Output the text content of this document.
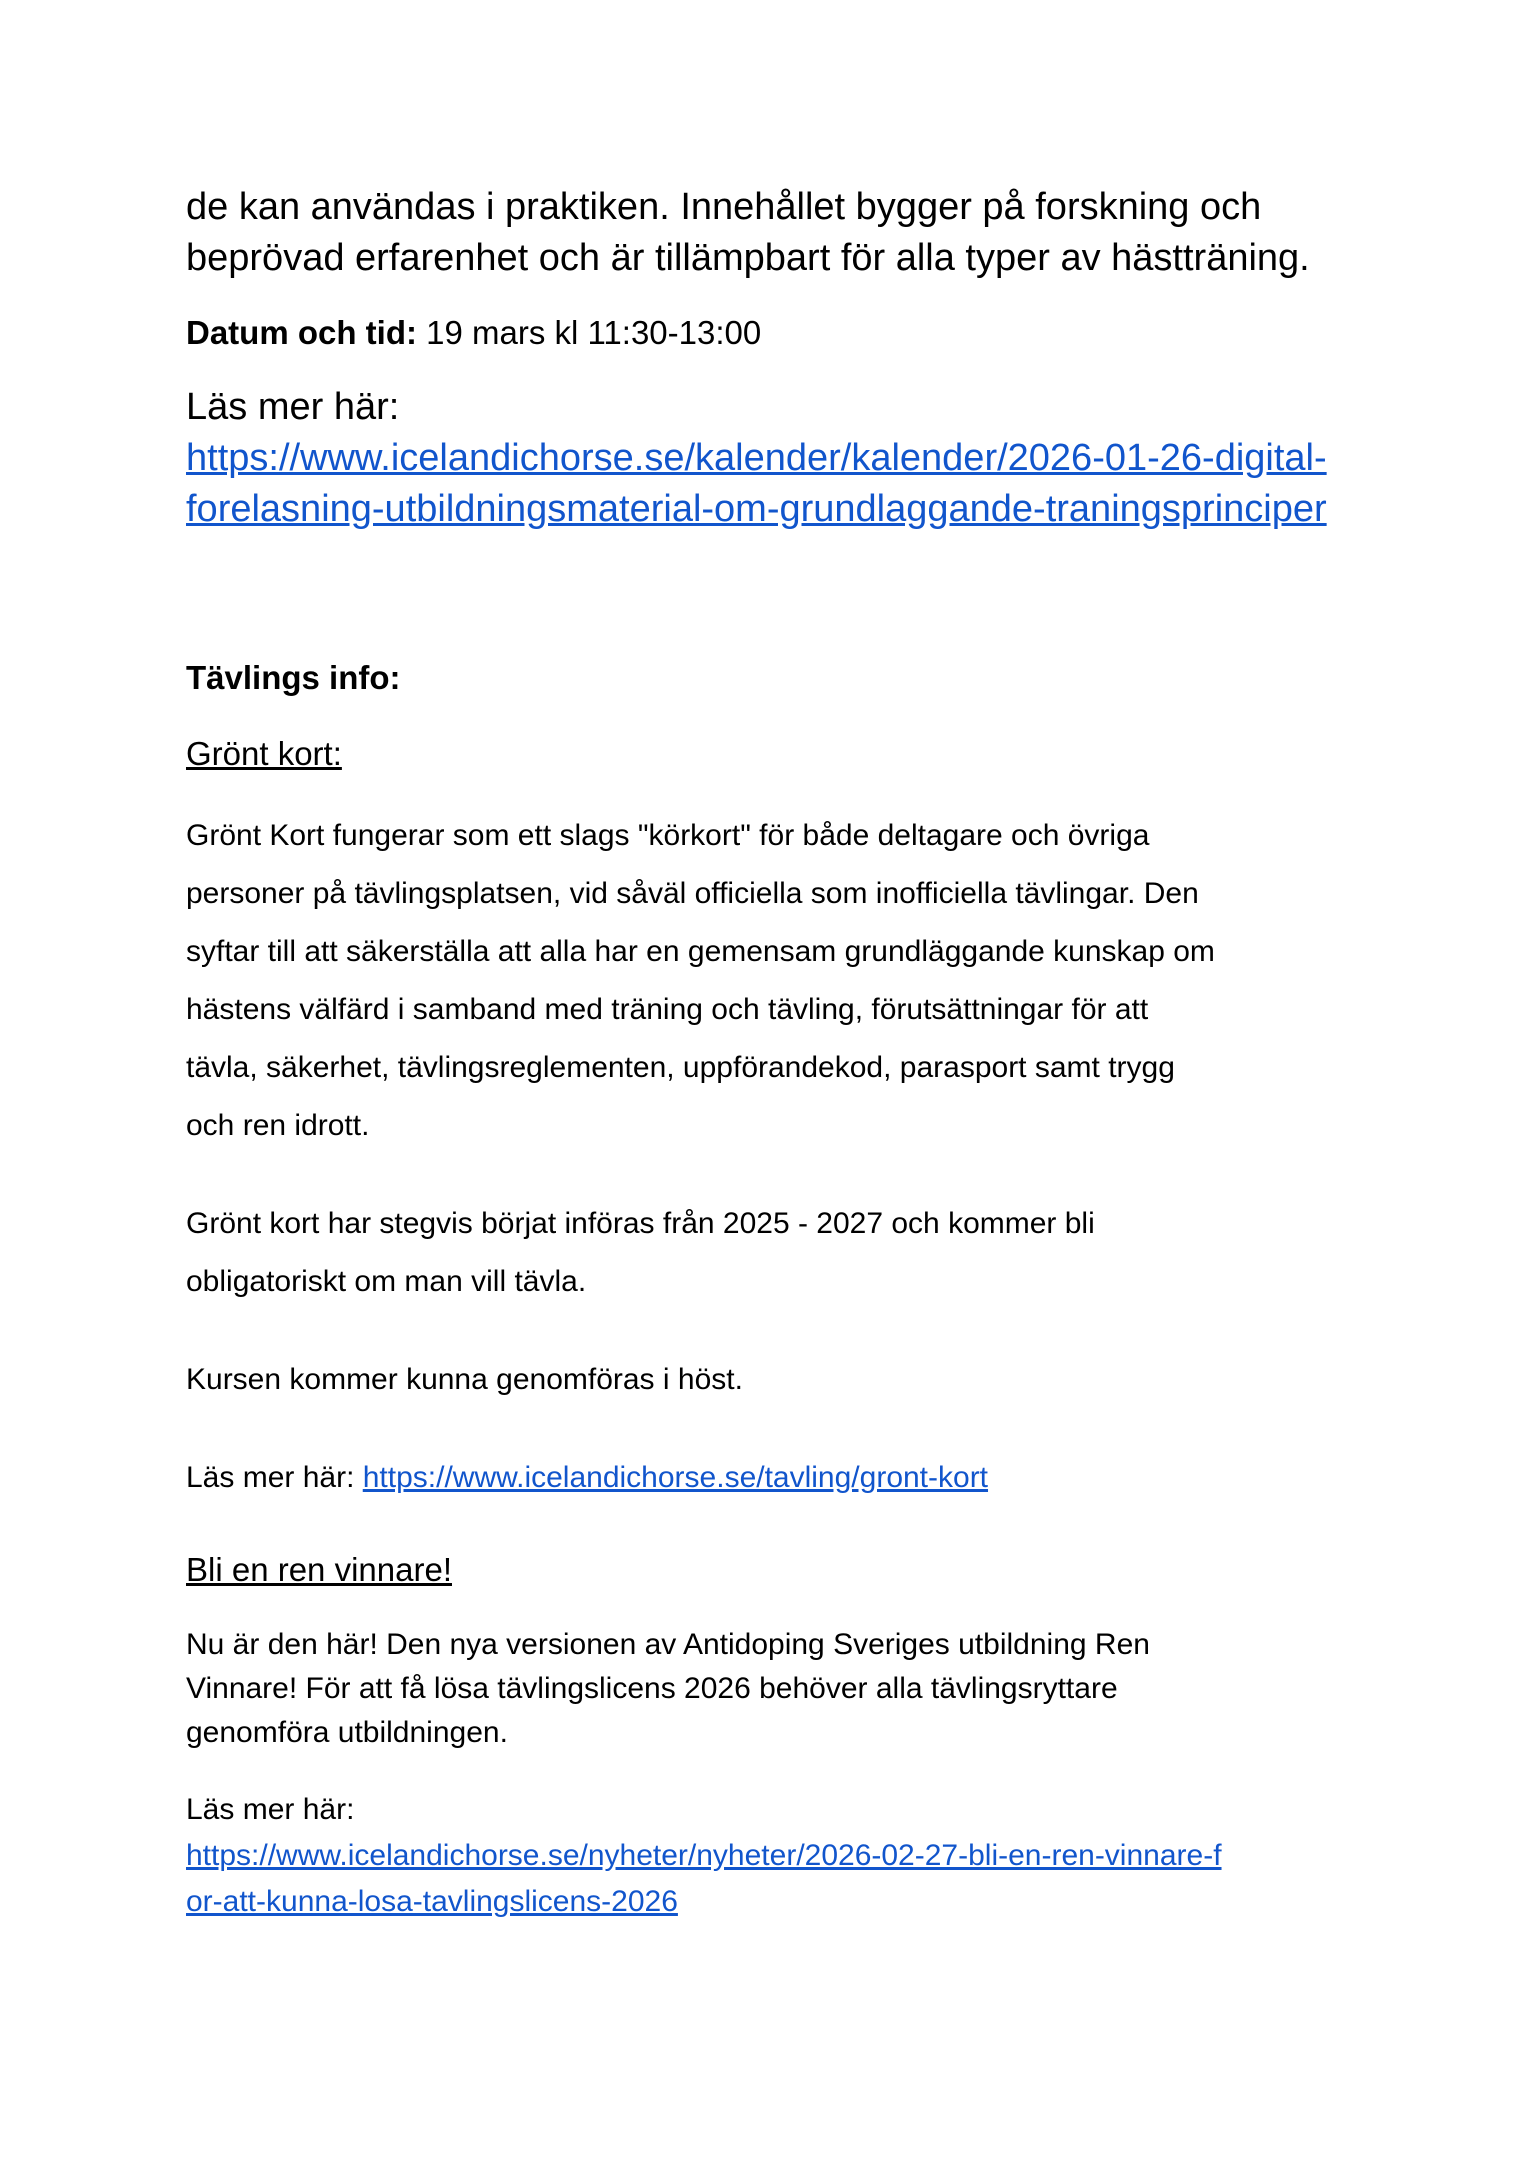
de kan användas i praktiken. Innehållet bygger på forskning och
beprövad erfarenhet och är tillämpbart för alla typer av hästträning.
Datum och tid: 19 mars kl 11:30-13:00
Läs mer här:
https://www.icelandichorse.se/kalender/kalender/2026-01-26-digital-
forelasning-utbildningsmaterial-om-grundlaggande-traningsprinciper
Tävlings info:
Grönt kort:
Grönt Kort fungerar som ett slags "körkort" för både deltagare och övriga
personer på tävlingsplatsen, vid såväl officiella som inofficiella tävlingar. Den
syftar till att säkerställa att alla har en gemensam grundläggande kunskap om
hästens välfärd i samband med träning och tävling, förutsättningar för att
tävla, säkerhet, tävlingsreglementen, uppförandekod, parasport samt trygg
och ren idrott.
Grönt kort har stegvis börjat införas från 2025 - 2027 och kommer bli
obligatoriskt om man vill tävla.
Kursen kommer kunna genomföras i höst.
Läs mer här: https://www.icelandichorse.se/tavling/gront-kort
Bli en ren vinnare!
Nu är den här! Den nya versionen av Antidoping Sveriges utbildning Ren
Vinnare! För att få lösa tävlingslicens 2026 behöver alla tävlingsryttare
genomföra utbildningen.
Läs mer här:
https://www.icelandichorse.se/nyheter/nyheter/2026-02-27-bli-en-ren-vinnare-f
or-att-kunna-losa-tavlingslicens-2026
